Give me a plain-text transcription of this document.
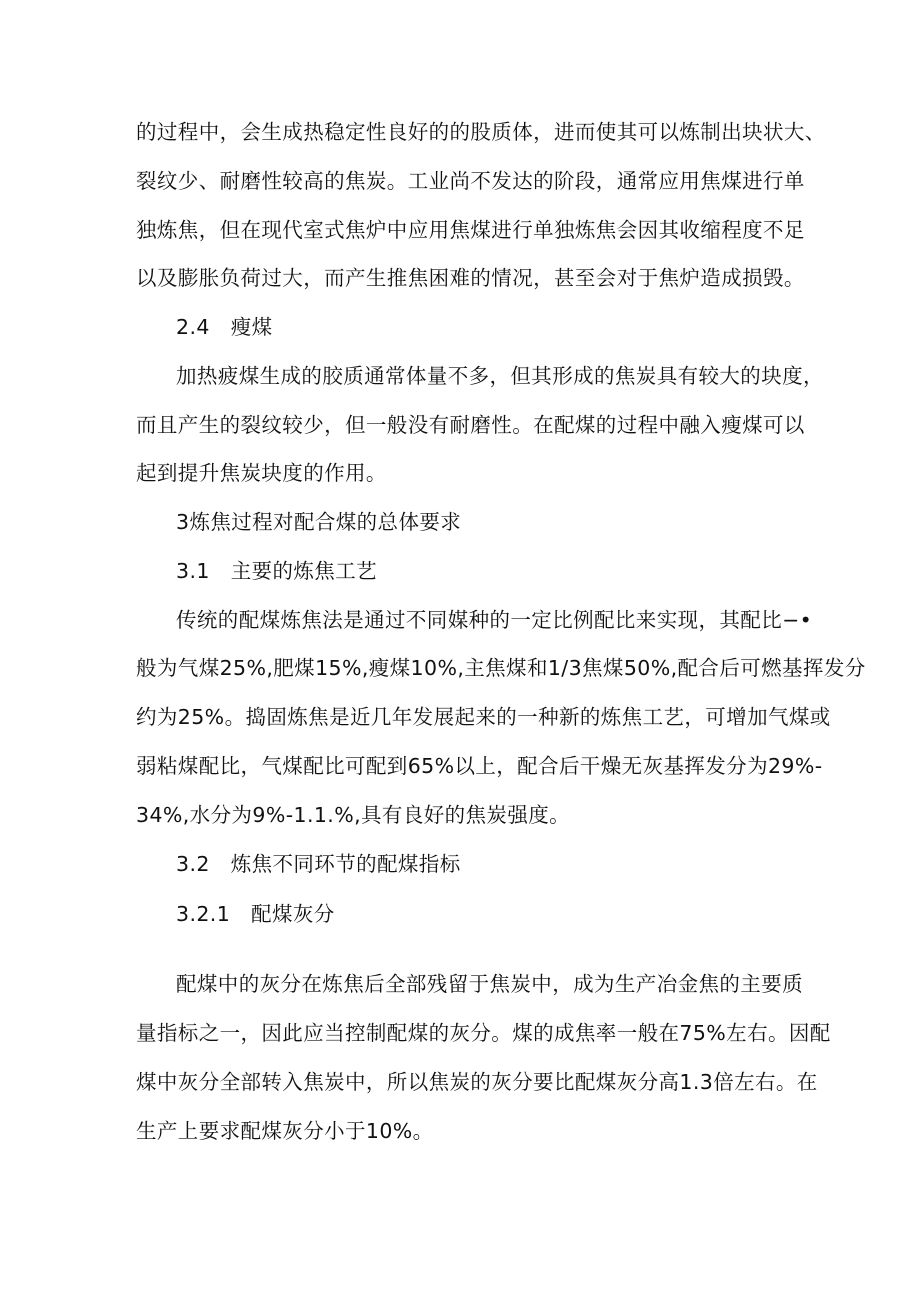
的过程中，会生成热稳定性良好的的股质体，进而使其可以炼制出块状大、
裂纹少、耐磨性较高的焦炭。工业尚不发达的阶段，通常应用焦煤进行单
独炼焦，但在现代室式焦炉中应用焦煤进行单独炼焦会因其收缩程度不足
以及膨胀负荷过大，而产生推焦困难的情况，甚至会对于焦炉造成损毁。
2.4　瘦煤
加热疲煤生成的胶质通常体量不多，但其形成的焦炭具有较大的块度，
而且产生的裂纹较少，但一般没有耐磨性。在配煤的过程中融入瘦煤可以
起到提升焦炭块度的作用。
3炼焦过程对配合煤的总体要求
3.1　主要的炼焦工艺
传统的配煤炼焦法是通过不同媒种的一定比例配比来实现，其配比−•
般为气煤25%,肥煤15%,瘦煤10%,主焦煤和1/3焦煤50%,配合后可燃基挥发分
约为25%。捣固炼焦是近几年发展起来的一种新的炼焦工艺，可增加气煤或
弱粘煤配比，气煤配比可配到65%以上，配合后干燥无灰基挥发分为29%-
34%,水分为9%-1.1.%,具有良好的焦炭强度。
3.2　炼焦不同环节的配煤指标
3.2.1　配煤灰分
配煤中的灰分在炼焦后全部残留于焦炭中，成为生产冶金焦的主要质
量指标之一，因此应当控制配煤的灰分。煤的成焦率一般在75%左右。因配
煤中灰分全部转入焦炭中，所以焦炭的灰分要比配煤灰分高1.3倍左右。在
生产上要求配煤灰分小于10%。
